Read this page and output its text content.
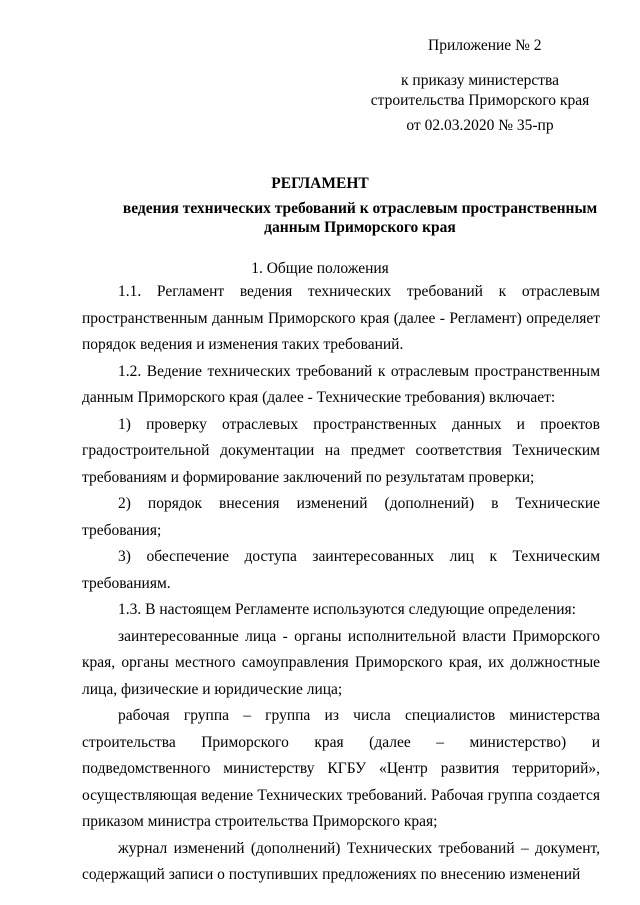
Приложение № 2
к приказу министерства
строительства Приморского края
от 02.03.2020 № 35-пр
РЕГЛАМЕНТ
ведения технических требований к отраслевым пространственным
данным Приморского края
1. Общие положения

1.1. Регламент ведения технических требований к отраслевым пространственным данным Приморского края (далее - Регламент) определяет порядок ведения и изменения таких требований.

1.2. Ведение технических требований к отраслевым пространственным данным Приморского края (далее - Технические требования) включает:

1) проверку отраслевых пространственных данных и проектов градостроительной документации на предмет соответствия Техническим требованиям и формирование заключений по результатам проверки;

2) порядок внесения изменений (дополнений) в Технические требования;

3) обеспечение доступа заинтересованных лиц к Техническим требованиям.

1.3. В настоящем Регламенте используются следующие определения:

заинтересованные лица - органы исполнительной власти Приморского края, органы местного самоуправления Приморского края, их должностные лица, физические и юридические лица;

рабочая группа – группа из числа специалистов министерства строительства Приморского края (далее – министерство) и подведомственного министерству КГБУ «Центр развития территорий», осуществляющая ведение Технических требований. Рабочая группа создается приказом министра строительства Приморского края;

журнал изменений (дополнений) Технических требований – документ, содержащий записи о поступивших предложениях по внесению изменений
